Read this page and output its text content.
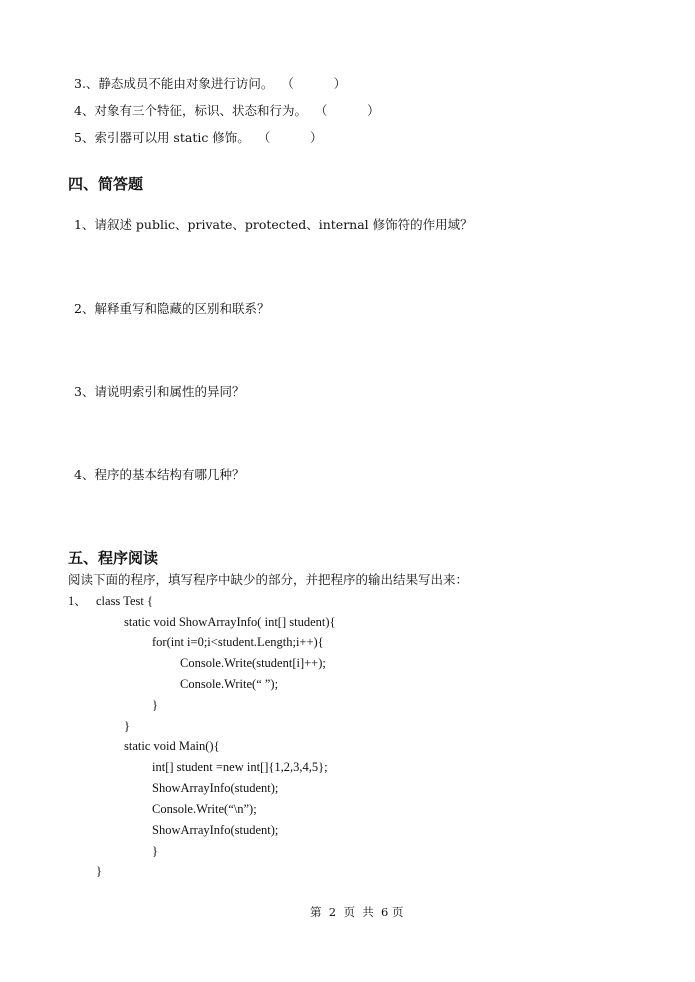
3.、静态成员不能由对象进行访问。  （          ）
4、对象有三个特征，标识、状态和行为。  （          ）
5、索引器可以用 static 修饰。  （          ）
四、简答题
1、请叙述 public、private、protected、internal 修饰符的作用域？
2、解释重写和隐藏的区别和联系？
3、请说明索引和属性的异同？
4、程序的基本结构有哪几种？
五、程序阅读
阅读下面的程序，填写程序中缺少的部分，并把程序的输出结果写出来：
1、 class Test {
static void ShowArrayInfo( int[] student){
for(int i=0;i<student.Length;i++){
Console.Write(student[i]++);
Console.Write(“ ”);
}
}
static void Main(){
int[] student =new int[]{1,2,3,4,5};
ShowArrayInfo(student);
Console.Write(“\n”);
ShowArrayInfo(student);
}
}
第  2  页  共  6 页
